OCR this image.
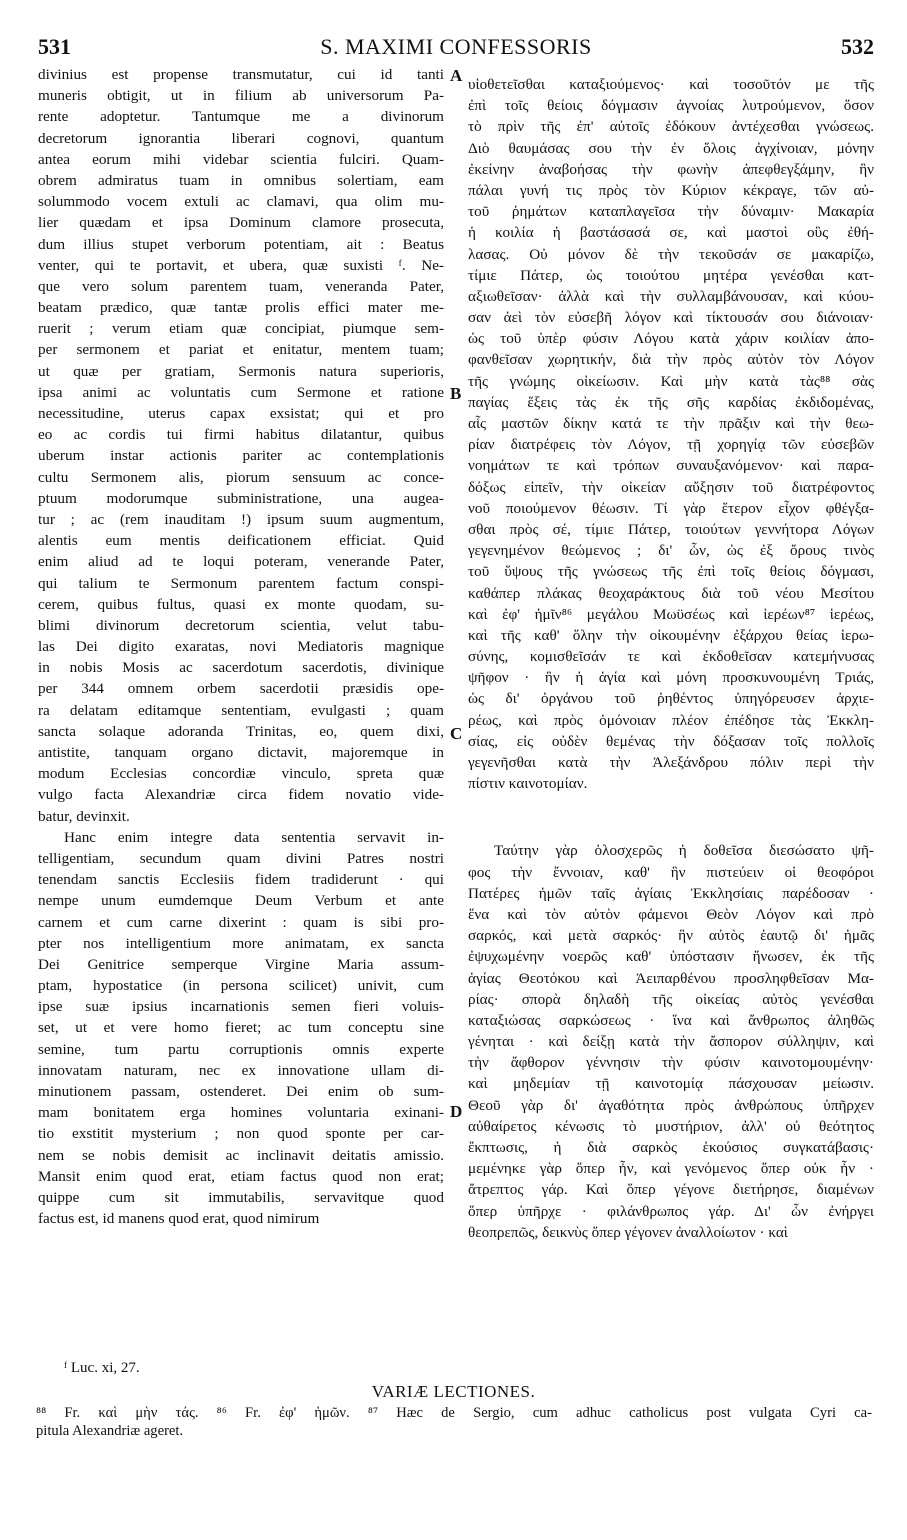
531	S. MAXIMI CONFESSORIS	532
divinius est propense transmutatur, cui id tanti
muneris obtigit, ut in filium ab universorum Pa-
rente adoptetur. Tantumque me a divinorum
decretorum ignorantia liberari cognovi, quantum
antea eorum mihi videbar scientia fulciri. Quam-
obrem admiratus tuam in omnibus solertiam, eam
solummodo vocem extuli ac clamavi, qua olim mu-
lier quædam et ipsa Dominum clamore prosecuta,
dum illius stupet verborum potentiam, ait : Beatus
venter, qui te portavit, et ubera, quæ suxisti ᶠ. Ne-
que vero solum parentem tuam, veneranda Pater,
beatam prædico, quæ tantæ prolis effici mater me-
ruerit ; verum etiam quæ concipiat, piumque sem-
per sermonem et pariat et enitatur, mentem tuam;
ut quæ per gratiam, Sermonis natura superioris,
ipsa animi ac voluntatis cum Sermone et ratione
necessitudine, uterus capax exsistat; qui et pro
eo ac cordis tui firmi habitus dilatantur, quibus
uberum instar actionis pariter ac contemplationis
cultu Sermonem alis, piorum sensuum ac conce-
ptuum modorumque subministratione, una augea-
tur ; ac (rem inauditam !) ipsum suum augmentum,
alentis eum mentis deificationem efficiat. Quid
enim aliud ad te loqui poteram, venerande Pater,
qui talium te Sermonum parentem factum conspi-
cerem, quibus fultus, quasi ex monte quodam, su-
blimi divinorum decretorum scientia, velut tabu-
las Dei digito exaratas, novi Mediatoris magnique
in nobis Mosis ac sacerdotum sacerdotis, divinique
per 344 omnem orbem sacerdotii præsidis ope-
ra delatam editamque sententiam, evulgasti ; quam
sancta solaque adoranda Trinitas, eo, quem dixi,
antistite, tanquam organo dictavit, majoremque in
modum Ecclesias concordiæ vinculo, spreta quæ
vulgo facta Alexandriæ circa fidem novatio vide-
batur, devinxit.
Hanc enim integre data sententia servavit in-
telligentiam, secundum quam divini Patres nostri
tenendam sanctis Ecclesiis fidem tradiderunt · qui
nempe unum eumdemque Deum Verbum et ante
carnem et cum carne dixerint : quam is sibi pro-
pter nos intelligentium more animatam, ex sancta
Dei Genitrice semperque Virgine Maria assum-
ptam, hypostatice (in persona scilicet) univit, cum
ipse suæ ipsius incarnationis semen fieri voluis-
set, ut et vere homo fieret; ac tum conceptu sine
semine, tum partu corruptionis omnis experte
innovatam naturam, nec ex innovatione ullam di-
minutionem passam, ostenderet. Dei enim ob sum-
mam bonitatem erga homines voluntaria exinani-
tio exstitit mysterium ; non quod sponte per car-
nem se nobis demisit ac inclinavit deitatis amissio.
Mansit enim quod erat, etiam factus quod non erat;
quippe cum sit immutabilis, servavitque quod
factus est, id manens quod erat, quod nimirum
υἱοθετεῖσθαι καταξιούμενος· καὶ τοσοῦτόν με τῆς
ἐπὶ τοῖς θείοις δόγμασιν ἀγνοίας λυτρούμενον, ὅσον
τὸ πρὶν τῆς ἐπ' αὐτοῖς ἐδόκουν ἀντέχεσθαι γνώσεως.
Διὸ θαυμάσας σου τὴν ἐν ὅλοις ἀγχίνοιαν, μόνην
ἐκείνην ἀναβοήσας τὴν φωνὴν ἀπεφθεγξάμην, ἣν
πάλαι γυνή τις πρὸς τὸν Κύριον κέκραγε, τῶν αὐ-
τοῦ ῥημάτων καταπλαγεῖσα τὴν δύναμιν· Μακαρία
ἡ κοιλία ἡ βαστάσασά σε, καὶ μαστοὶ οὓς ἐθή-
λασας. Οὐ μόνον δὲ τὴν τεκοῦσάν σε μακαρίζω,
τίμιε Πάτερ, ὡς τοιούτου μητέρα γενέσθαι κατ-
αξιωθεῖσαν· ἀλλὰ καὶ τὴν συλλαμβάνουσαν, καὶ κύου-
σαν ἀεὶ τὸν εὐσεβῆ λόγον καὶ τίκτουσάν σου διάνοιαν·
ὡς τοῦ ὑπὲρ φύσιν Λόγου κατὰ χάριν κοιλίαν ἀπο-
φανθεῖσαν χωρητικήν, διὰ τὴν πρὸς αὐτὸν τὸν Λόγον
τῆς γνώμης οἰκείωσιν. Καὶ μὴν κατὰ τὰς⁸⁸ σὰς
παγίας ἕξεις τὰς ἐκ τῆς σῆς καρδίας ἐκδιδομένας,
αἷς μαστῶν δίκην κατά τε τὴν πρᾶξιν καὶ τὴν θεω-
ρίαν διατρέφεις τὸν Λόγον, τῇ χορηγίᾳ τῶν εὐσεβῶν
νοημάτων τε καὶ τρόπων συναυξανόμενον· καὶ παρα-
δόξως εἰπεῖν, τὴν οἰκείαν αὔξησιν τοῦ διατρέφοντος
νοῦ ποιούμενον θέωσιν. Τί γὰρ ἕτερον εἶχον φθέγξα-
σθαι πρὸς σέ, τίμιε Πάτερ, τοιούτων γεννήτορα Λόγων
γεγενημένον θεώμενος ; δι' ὧν, ὡς ἐξ ὄρους τινὸς
τοῦ ὕψους τῆς γνώσεως τῆς ἐπὶ τοῖς θείοις δόγμασι,
καθάπερ πλάκας θεοχαράκτους διὰ τοῦ νέου Μεσίτου
καὶ ἐφ' ἡμῖν⁸⁶ μεγάλου Μωϋσέως καὶ ἱερέων⁸⁷ ἱερέως,
καὶ τῆς καθ' ὅλην τὴν οἰκουμένην ἐξάρχου θείας ἱερω-
σύνης, κομισθεῖσάν τε καὶ ἐκδοθεῖσαν κατεμήνυσας
ψῆφον · ἣν ἡ ἁγία καὶ μόνη προσκυνουμένη Τριάς,
ὡς δι' ὀργάνου τοῦ ῥηθέντος ὑπηγόρευσεν ἀρχιε-
ρέως, καὶ πρὸς ὁμόνοιαν πλέον ἐπέδησε τὰς Ἐκκλη-
σίας, εἰς οὐδὲν θεμένας τὴν δόξασαν τοῖς πολλοῖς
γεγενῆσθαι κατὰ τὴν Ἀλεξάνδρου πόλιν περὶ τὴν
πίστιν καινοτομίαν.
Ταύτην γὰρ ὁλοσχερῶς ἡ δοθεῖσα διεσώσατο ψῆ-
φος τὴν ἔννοιαν, καθ' ἣν πιστεύειν οἱ θεοφόροι
Πατέρες ἡμῶν ταῖς ἁγίαις Ἐκκλησίαις παρέδοσαν ·
ἕνα καὶ τὸν αὐτὸν φάμενοι Θεὸν Λόγον καὶ πρὸ
σαρκός, καὶ μετὰ σαρκός· ἣν αὐτὸς ἑαυτῷ δι' ἡμᾶς
ἐψυχωμένην νοερῶς καθ' ὑπόστασιν ἥνωσεν, ἐκ τῆς
ἁγίας Θεοτόκου καὶ Ἀειπαρθένου προσληφθεῖσαν Μα-
ρίας· σπορὰ δηλαδὴ τῆς οἰκείας αὐτὸς γενέσθαι
καταξιώσας σαρκώσεως · ἵνα καὶ ἄνθρωπος ἀληθῶς
γένηται · καὶ δείξῃ κατὰ τὴν ἄσπορον σύλληψιν, καὶ
τὴν ἄφθορον γέννησιν τὴν φύσιν καινοτομουμένην·
καὶ μηδεμίαν τῇ καινοτομίᾳ πάσχουσαν μείωσιν.
Θεοῦ γὰρ δι' ἀγαθότητα πρὸς ἀνθρώπους ὑπῆρχεν
αὐθαίρετος κένωσις τὸ μυστήριον, ἀλλ' οὐ θεότητος
ἔκπτωσις, ἡ διὰ σαρκὸς ἑκούσιος συγκατάβασις·
μεμένηκε γὰρ ὅπερ ἦν, καὶ γενόμενος ὅπερ οὐκ ἦν ·
ἄτρεπτος γάρ. Καὶ ὅπερ γέγονε διετήρησε, διαμένων
ὅπερ ὑπῆρχε · φιλάνθρωπος γάρ. Δι' ὧν ἐνήργει
θεοπρεπῶς, δεικνὺς ὅπερ γέγονεν ἀναλλοίωτον · καὶ
A
B
C
D
ᶠ Luc. xi, 27.
VARIÆ LECTIONES.
⁸⁸ Fr. καὶ μὴν τάς. ⁸⁶ Fr. ἐφ' ἡμῶν. ⁸⁷ Hæc de Sergio, cum adhuc catholicus post vulgata Cyri ca-
pitula Alexandriæ ageret.
